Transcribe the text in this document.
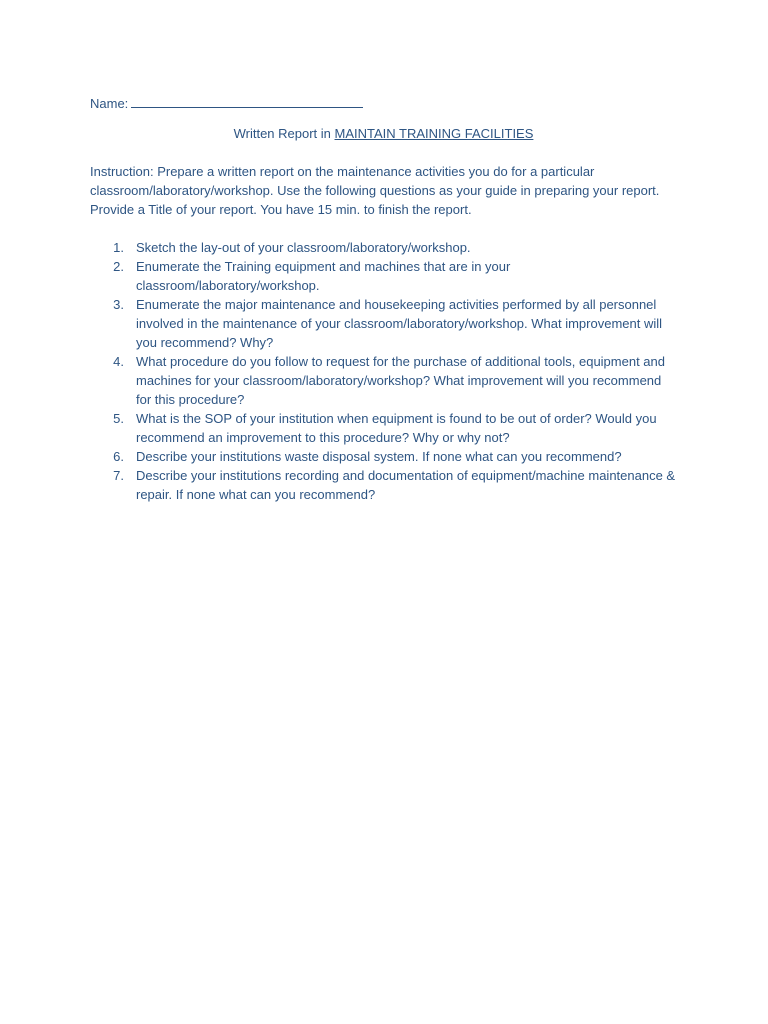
Name:
Written Report in MAINTAIN TRAINING FACILITIES
Instruction: Prepare a written report on the maintenance activities you do for a particular classroom/laboratory/workshop. Use the following questions as your guide in preparing your report. Provide a Title of your report. You have 15 min. to finish the report.
1. Sketch the lay-out of your classroom/laboratory/workshop.
2. Enumerate the Training equipment and machines that are in your classroom/laboratory/workshop.
3. Enumerate the major maintenance and housekeeping activities performed by all personnel involved in the maintenance of your classroom/laboratory/workshop. What improvement will you recommend? Why?
4. What procedure do you follow to request for the purchase of additional tools, equipment and machines for your classroom/laboratory/workshop? What improvement will you recommend for this procedure?
5. What is the SOP of your institution when equipment is found to be out of order? Would you recommend an improvement to this procedure? Why or why not?
6. Describe your institutions waste disposal system. If none what can you recommend?
7. Describe your institutions recording and documentation of equipment/machine maintenance & repair. If none what can you recommend?
